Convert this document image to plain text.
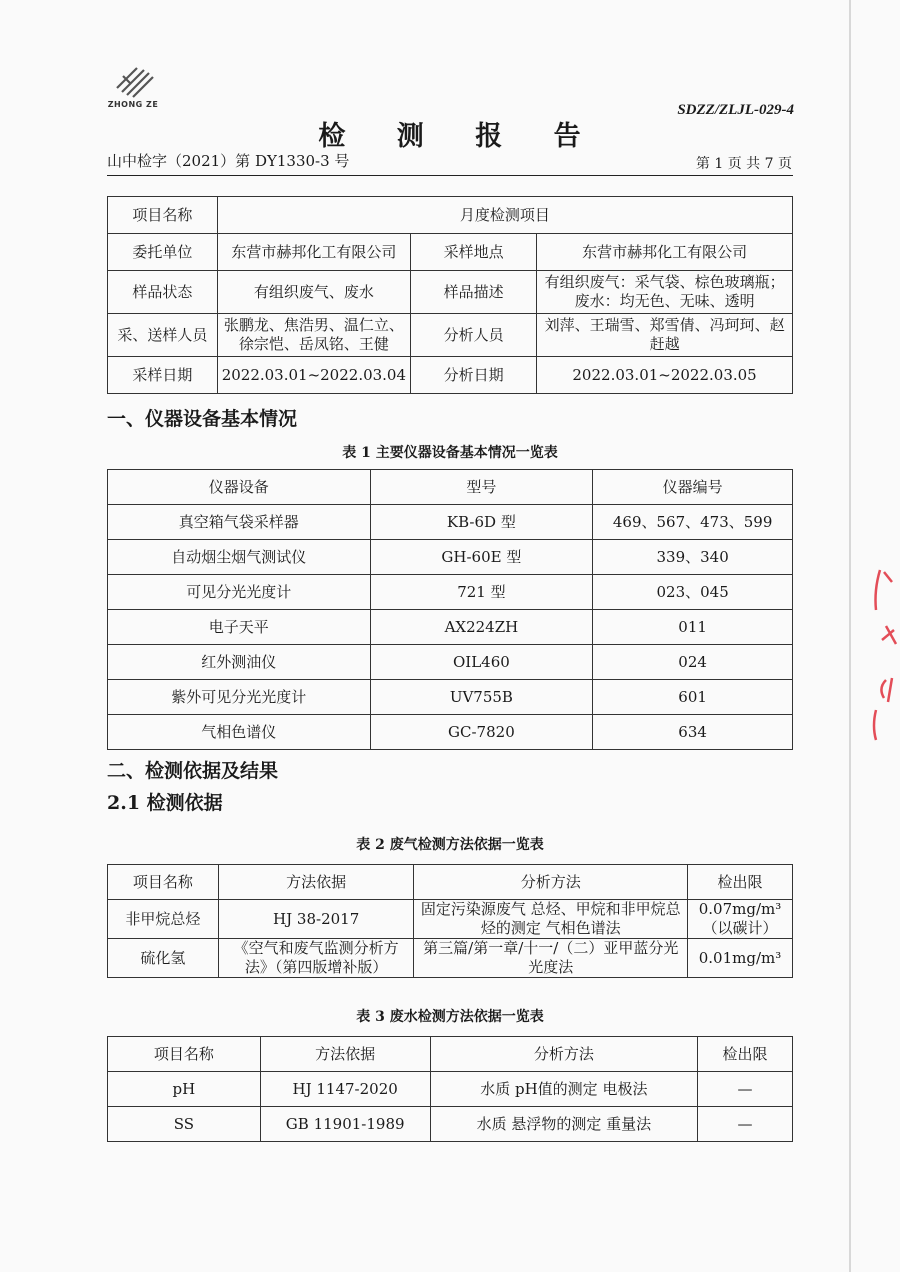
ZHONG ZE	SDZZ/ZLJL-029-4
检 测 报 告
山中检字（2021）第 DY1330-3 号	第 1 页 共 7 页
项目名称	月度检测项目		
委托单位	东营市赫邦化工有限公司	采样地点	东营市赫邦化工有限公司
样品状态	有组织废气、废水	样品描述	有组织废气：采气袋、棕色玻璃瓶；废水：均无色、无味、透明
采、送样人员	张鹏龙、焦浩男、温仁立、徐宗恺、岳凤铭、王健	分析人员	刘萍、王瑞雪、郑雪倩、冯珂珂、赵赶越
采样日期	2022.03.01~2022.03.04	分析日期	2022.03.01~2022.03.05
一、仪器设备基本情况
表 1 主要仪器设备基本情况一览表
仪器设备	型号	仪器编号
真空箱气袋采样器	KB-6D 型	469、567、473、599
自动烟尘烟气测试仪	GH-60E 型	339、340
可见分光光度计	721 型	023、045
电子天平	AX224ZH	011
红外测油仪	OIL460	024
紫外可见分光光度计	UV755B	601
气相色谱仪	GC-7820	634
二、检测依据及结果
2.1 检测依据
表 2 废气检测方法依据一览表
项目名称	方法依据	分析方法	检出限
非甲烷总烃	HJ 38-2017	固定污染源废气 总烃、甲烷和非甲烷总烃的测定 气相色谱法	0.07mg/m³（以碳计）
硫化氢	《空气和废气监测分析方法》（第四版增补版）	第三篇/第一章/十一/（二）亚甲蓝分光光度法	0.01mg/m³
表 3 废水检测方法依据一览表
项目名称	方法依据	分析方法	检出限
pH	HJ 1147-2020	水质 pH值的测定 电极法	—
SS	GB 11901-1989	水质 悬浮物的测定 重量法	—
